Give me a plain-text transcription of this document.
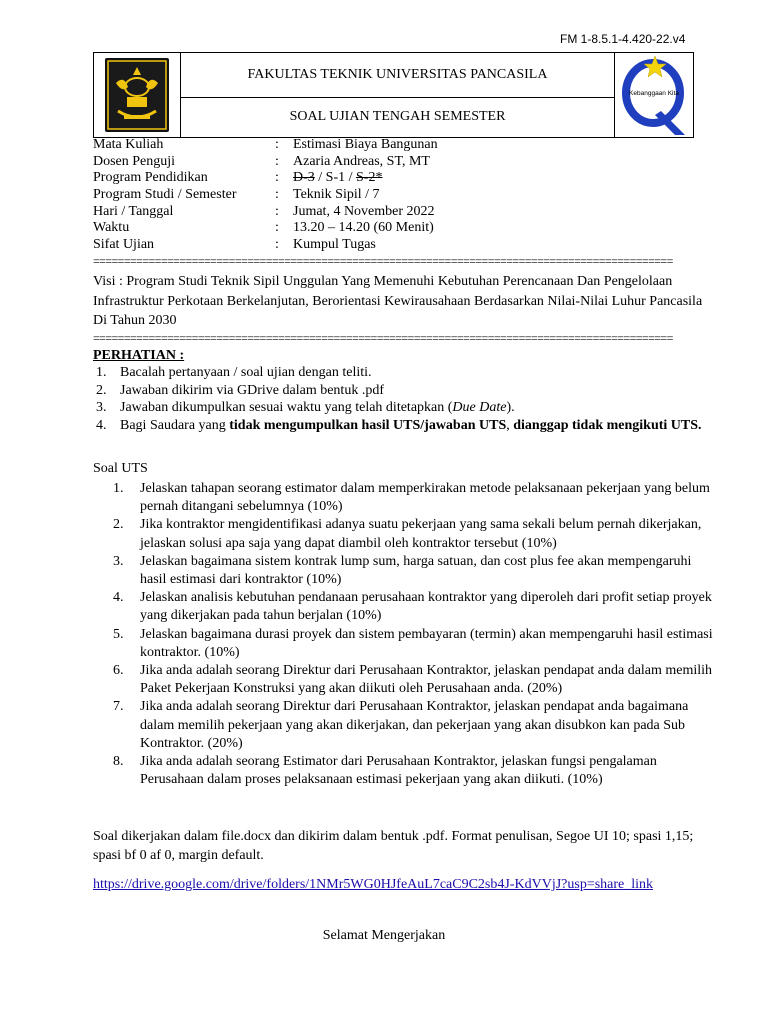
FM 1-8.5.1-4.420-22.v4
FAKULTAS TEKNIK UNIVERSITAS PANCASILA
SOAL UJIAN TENGAH SEMESTER
Kebanggaan Kita
Mata Kuliah	: Estimasi Biaya Bangunan
Dosen Penguji	: Azaria Andreas, ST, MT
Program Pendidikan	: D-3 / S-1 / S-2*
Program Studi / Semester	: Teknik Sipil / 7
Hari / Tanggal	: Jumat, 4 November 2022
Waktu	: 13.20 – 14.20 (60 Menit)
Sifat Ujian	: Kumpul Tugas
==============================================================================================
Visi : Program Studi Teknik Sipil Unggulan Yang Memenuhi Kebutuhan Perencanaan Dan Pengelolaan Infrastruktur Perkotaan Berkelanjutan, Berorientasi Kewirausahaan Berdasarkan Nilai-Nilai Luhur Pancasila Di Tahun 2030
==============================================================================================
PERHATIAN :
1. Bacalah pertanyaan / soal ujian dengan teliti.
2. Jawaban dikirim via GDrive dalam bentuk .pdf
3. Jawaban dikumpulkan sesuai waktu yang telah ditetapkan (Due Date).
4. Bagi Saudara yang tidak mengumpulkan hasil UTS/jawaban UTS, dianggap tidak mengikuti UTS.
Soal UTS
1. Jelaskan tahapan seorang estimator dalam memperkirakan metode pelaksanaan pekerjaan yang belum pernah ditangani sebelumnya (10%)
2. Jika kontraktor mengidentifikasi adanya suatu pekerjaan yang sama sekali belum pernah dikerjakan, jelaskan solusi apa saja yang dapat diambil oleh kontraktor tersebut (10%)
3. Jelaskan bagaimana sistem kontrak lump sum, harga satuan, dan cost plus fee akan mempengaruhi hasil estimasi dari kontraktor (10%)
4. Jelaskan analisis kebutuhan pendanaan perusahaan kontraktor yang diperoleh dari profit setiap proyek yang dikerjakan pada tahun berjalan (10%)
5. Jelaskan bagaimana durasi proyek dan sistem pembayaran (termin) akan mempengaruhi hasil estimasi kontraktor. (10%)
6. Jika anda adalah seorang Direktur dari Perusahaan Kontraktor, jelaskan pendapat anda dalam memilih Paket Pekerjaan Konstruksi yang akan diikuti oleh Perusahaan anda. (20%)
7. Jika anda adalah seorang Direktur dari Perusahaan Kontraktor, jelaskan pendapat anda bagaimana dalam memilih pekerjaan yang akan dikerjakan, dan pekerjaan yang akan disubkon kan pada Sub Kontraktor. (20%)
8. Jika anda adalah seorang Estimator dari Perusahaan Kontraktor, jelaskan fungsi pengalaman Perusahaan dalam proses pelaksanaan estimasi pekerjaan yang akan diikuti. (10%)
Soal dikerjakan dalam file.docx dan dikirim dalam bentuk .pdf. Format penulisan, Segoe UI 10; spasi 1,15; spasi bf 0 af 0, margin default.
https://drive.google.com/drive/folders/1NMr5WG0HJfeAuL7caC9C2sb4J-KdVVjJ?usp=share_link
Selamat Mengerjakan
